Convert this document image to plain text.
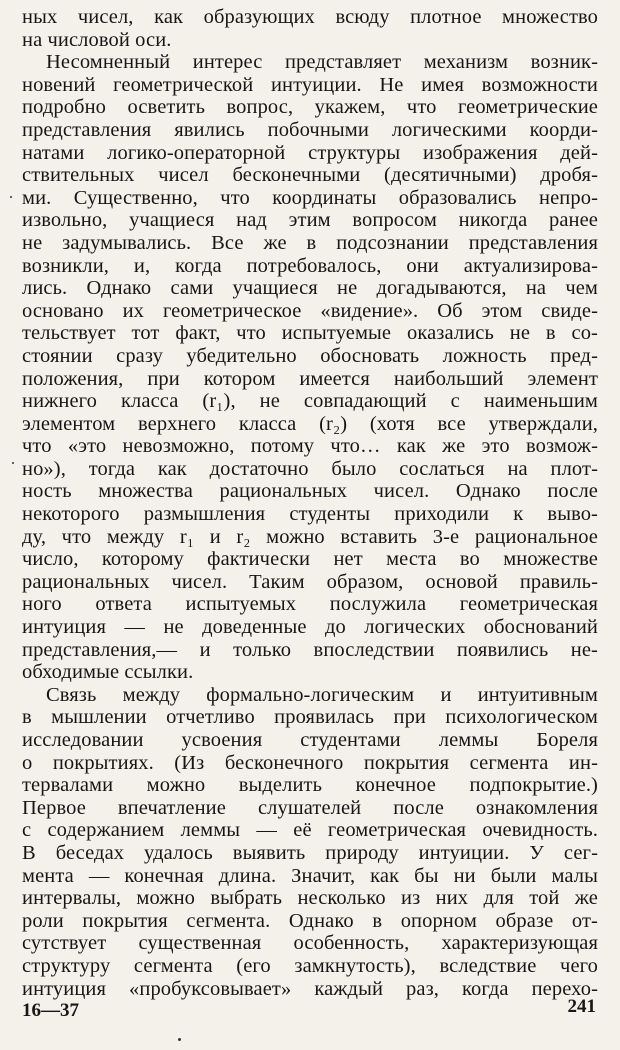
ных чисел, как образующих всюду плотное множество
на числовой оси.
Несомненный интерес представляет механизм возник-
новений геометрической интуиции. Не имея возможности
подробно осветить вопрос, укажем, что геометрические
представления явились побочными логическими коорди-
натами логико-операторной структуры изображения дей-
ствительных чисел бесконечными (десятичными) дробя-
ми. Существенно, что координаты образовались непро-
извольно, учащиеся над этим вопросом никогда ранее
не задумывались. Все же в подсознании представления
возникли, и, когда потребовалось, они актуализирова-
лись. Однако сами учащиеся не догадываются, на чем
основано их геометрическое «видение». Об этом свиде-
тельствует тот факт, что испытуемые оказались не в со-
стоянии сразу убедительно обосновать ложность пред-
положения, при котором имеется наибольший элемент
нижнего класса (r₁), не совпадающий с наименьшим
элементом верхнего класса (r₂) (хотя все утверждали,
что «это невозможно, потому что… как же это возмож-
но»), тогда как достаточно было сослаться на плот-
ность множества рациональных чисел. Однако после
некоторого размышления студенты приходили к выво-
ду, что между r₁ и r₂ можно вставить 3-е рациональное
число, которому фактически нет места во множестве
рациональных чисел. Таким образом, основой правиль-
ного ответа испытуемых послужила геометрическая
интуиция — не доведенные до логических обоснований
представления,— и только впоследствии появились не-
обходимые ссылки.
Связь между формально-логическим и интуитивным
в мышлении отчетливо проявилась при психологическом
исследовании усвоения студентами леммы Бореля
о покрытиях. (Из бесконечного покрытия сегмента ин-
тервалами можно выделить конечное подпокрытие.)
Первое впечатление слушателей после ознакомления
с содержанием леммы — её геометрическая очевидность.
В беседах удалось выявить природу интуиции. У сег-
мента — конечная длина. Значит, как бы ни были малы
интервалы, можно выбрать несколько из них для той же
роли покрытия сегмента. Однако в опорном образе от-
сутствует существенная особенность, характеризующая
структуру сегмента (его замкнутость), вследствие чего
интуиция «пробуксовывает» каждый раз, когда перехо-
16—37	241
